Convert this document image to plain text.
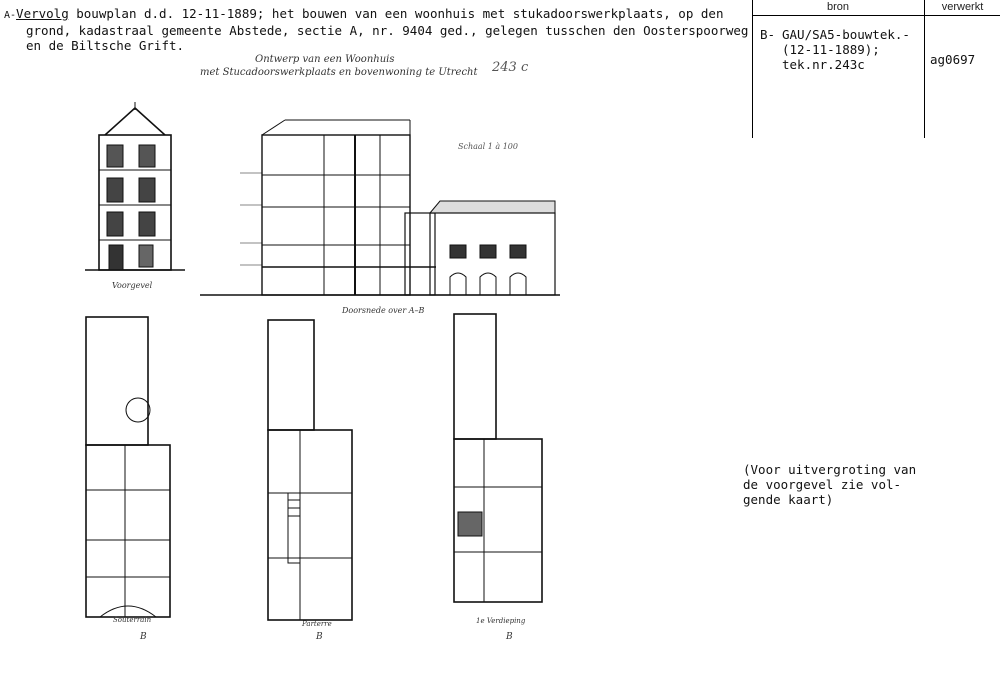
A-Vervolg bouwplan d.d. 12-11-1889; het bouwen van een woonhuis met stukadoorswerkplaats, op den
grond, kadastraal gemeente Abstede, sectie A, nr. 9404 ged., gelegen tusschen den Oosterspoorweg
en de Biltsche Grift.
bron	verwerkt
B- GAU/SA5-bouwtek.-
(12-11-1889);
tek.nr.243c	ag0697
Ontwerp van een Woonhuis
met Stucadoorswerkplaats en bovenwoning te Utrecht 243 c
Schaal 1 à 100
Voorgevel
Doorsnede over A–B
Souterrain	Parterre	1e Verdieping
B	B	B
(Voor uitvergroting van
de voorgevel zie vol-
gende kaart)
